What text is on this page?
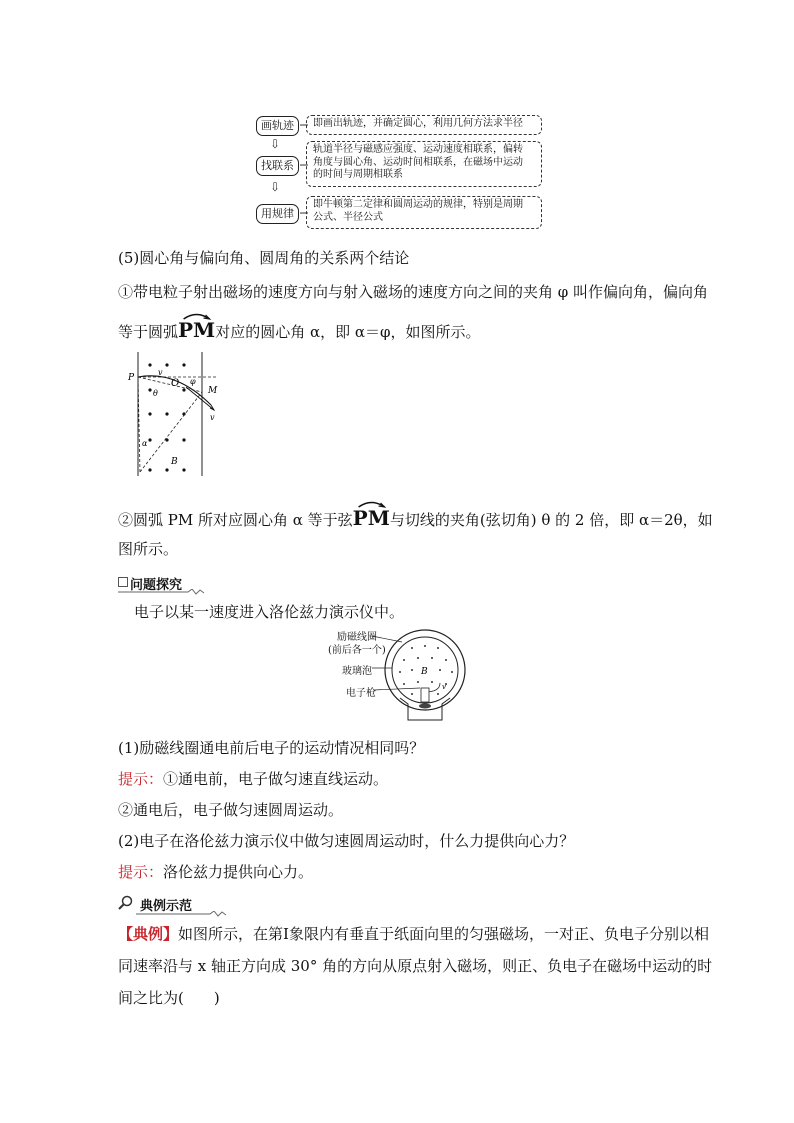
画轨迹	即画出轨迹，并确定圆心，利用几何方法求半径
⇩
找联系
轨道半径与磁感应强度、运动速度相联系，偏转
角度与圆心角、运动时间相联系，在磁场中运动
的时间与周期相联系
⇩
用规律
即牛顿第二定律和圆周运动的规律，特别是周期
公式、半径公式
(5)圆心角与偏向角、圆周角的关系两个结论
①带电粒子射出磁场的速度方向与射入磁场的速度方向之间的夹角 φ 叫作偏向角，偏向角
等于圆弧
PM对应的圆心角 α，即 α＝φ，如图所示。
P
M
O
v
v
φ
θ
α
B
②圆弧 PM 所对应圆心角 α 等于弦
PM与切线的夹角(弦切角) θ 的 2 倍，即 α＝2θ，如
图所示。
问题探究
电子以某一速度进入洛伦兹力演示仪中。
励磁线圈
(前后各一个)
玻璃泡
电子枪
B
v
(1)励磁线圈通电前后电子的运动情况相同吗？
提示：①通电前，电子做匀速直线运动。
②通电后，电子做匀速圆周运动。
(2)电子在洛伦兹力演示仪中做匀速圆周运动时，什么力提供向心力？
提示：洛伦兹力提供向心力。
典例示范
【典例】如图所示，在第Ⅰ象限内有垂直于纸面向里的匀强磁场，一对正、负电子分别以相
同速率沿与 x 轴正方向成 30° 角的方向从原点射入磁场，则正、负电子在磁场中运动的时
间之比为(　　)
